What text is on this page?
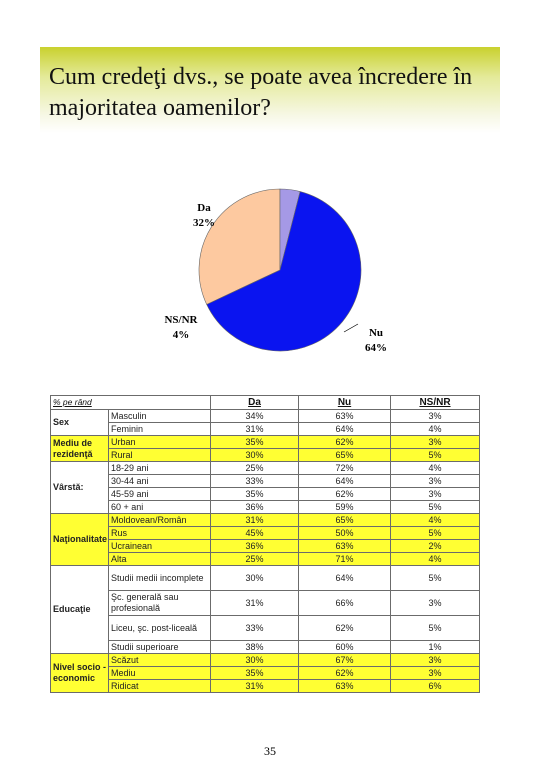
Cum credeţi dvs., se poate avea încredere în majoritatea oamenilor?
Da
32%
NS/NR
4%	Nu
64%
% pe rând		Da	Nu	NS/NR
Sex	Masculin	34%	63%	3%
	Feminin	31%	64%	4%
Mediu de rezidenţă	Urban	35%	62%	3%
	Rural	30%	65%	5%
Vârstă:	18-29 ani	25%	72%	4%
	30-44 ani	33%	64%	3%
	45-59 ani	35%	62%	3%
	60 + ani	36%	59%	5%
Naţionalitate	Moldovean/Român	31%	65%	4%
	Rus	45%	50%	5%
	Ucrainean	36%	63%	2%
	Alta	25%	71%	4%
Educaţie	Studii medii incomplete	30%	64%	5%
	Şc. generală sau profesională	31%	66%	3%
	Liceu, şc. post-liceală	33%	62%	5%
	Studii superioare	38%	60%	1%
Nivel socio - economic	Scăzut	30%	67%	3%
	Mediu	35%	62%	3%
	Ridicat	31%	63%	6%
35
